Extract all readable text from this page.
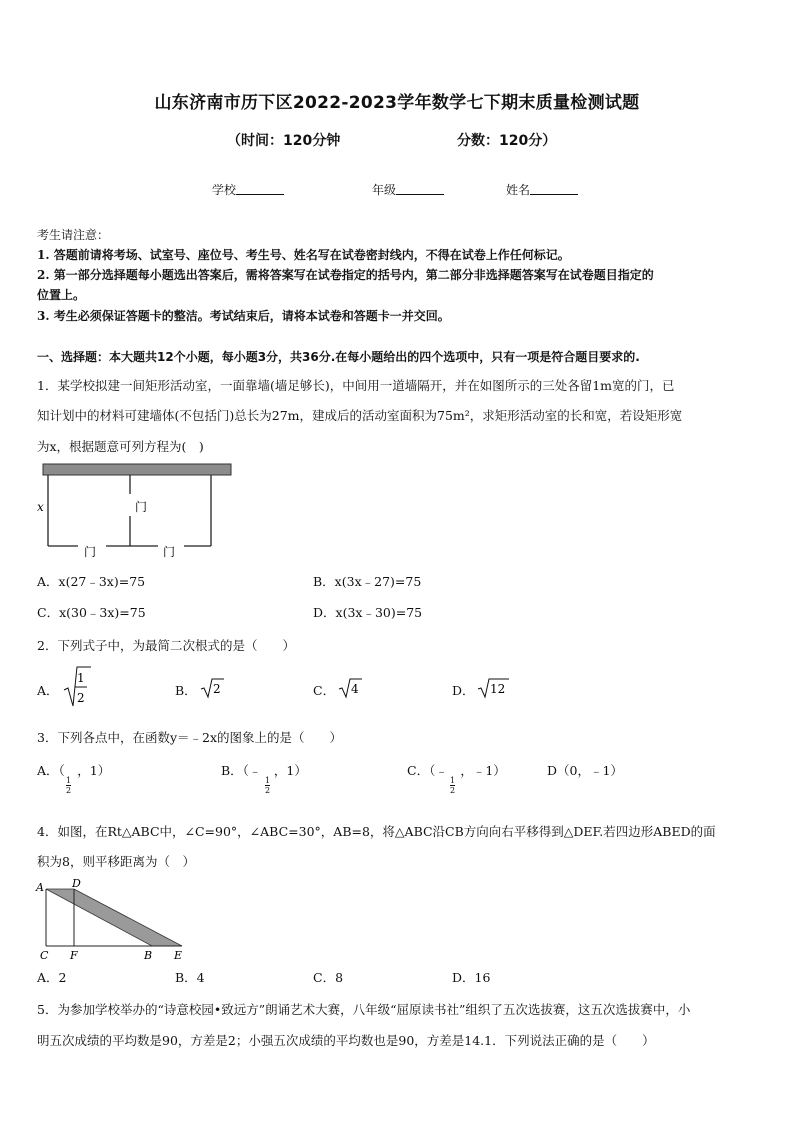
山东济南市历下区2022-2023学年数学七下期末质量检测试题
（时间：120分钟	分数：120分）
学校	年级	姓名
考生请注意：
1. 答题前请将考场、试室号、座位号、考生号、姓名写在试卷密封线内，不得在试卷上作任何标记。
2. 第一部分选择题每小题选出答案后，需将答案写在试卷指定的括号内，第二部分非选择题答案写在试卷题目指定的
位置上。
3. 考生必须保证答题卡的整洁。考试结束后，请将本试卷和答题卡一并交回。
一、选择题：本大题共12个小题，每小题3分，共36分.在每小题给出的四个选项中，只有一项是符合题目要求的.
1．某学校拟建一间矩形活动室，一面靠墙(墙足够长)，中间用一道墙隔开，并在如图所示的三处各留1m宽的门，已
知计划中的材料可建墙体(不包括门)总长为27m，建成后的活动室面积为75m²，求矩形活动室的长和宽，若设矩形宽
为x，根据题意可列方程为(　)
x	门
门	门
A．x(27﹣3x)=75	B．x(3x﹣27)=75
C．x(30﹣3x)=75	D．x(3x﹣30)=75
2．下列式子中，为最简二次根式的是（　　）
A．
1
2	B． 2	C． 4	D． 12
3．下列各点中，在函数y＝﹣2x的图象上的是（　　）
A．（　，1）
1
2
B．（﹣　，1）
1
2
C．（﹣　，﹣1）
1
2
D（0，﹣1）
4．如图，在Rt△ABC中，∠C=90°，∠ABC=30°，AB=8，将△ABC沿CB方向向右平移得到△DEF.若四边形ABED的面
积为8，则平移距离为（　）
A	D
C F	B E
A．2	B．4	C．8	D．16
5．为参加学校举办的“诗意校园•致远方”朗诵艺术大赛，八年级“屈原读书社”组织了五次选拔赛，这五次选拔赛中，小
明五次成绩的平均数是90，方差是2；小强五次成绩的平均数也是90，方差是14.1．下列说法正确的是（　　）
